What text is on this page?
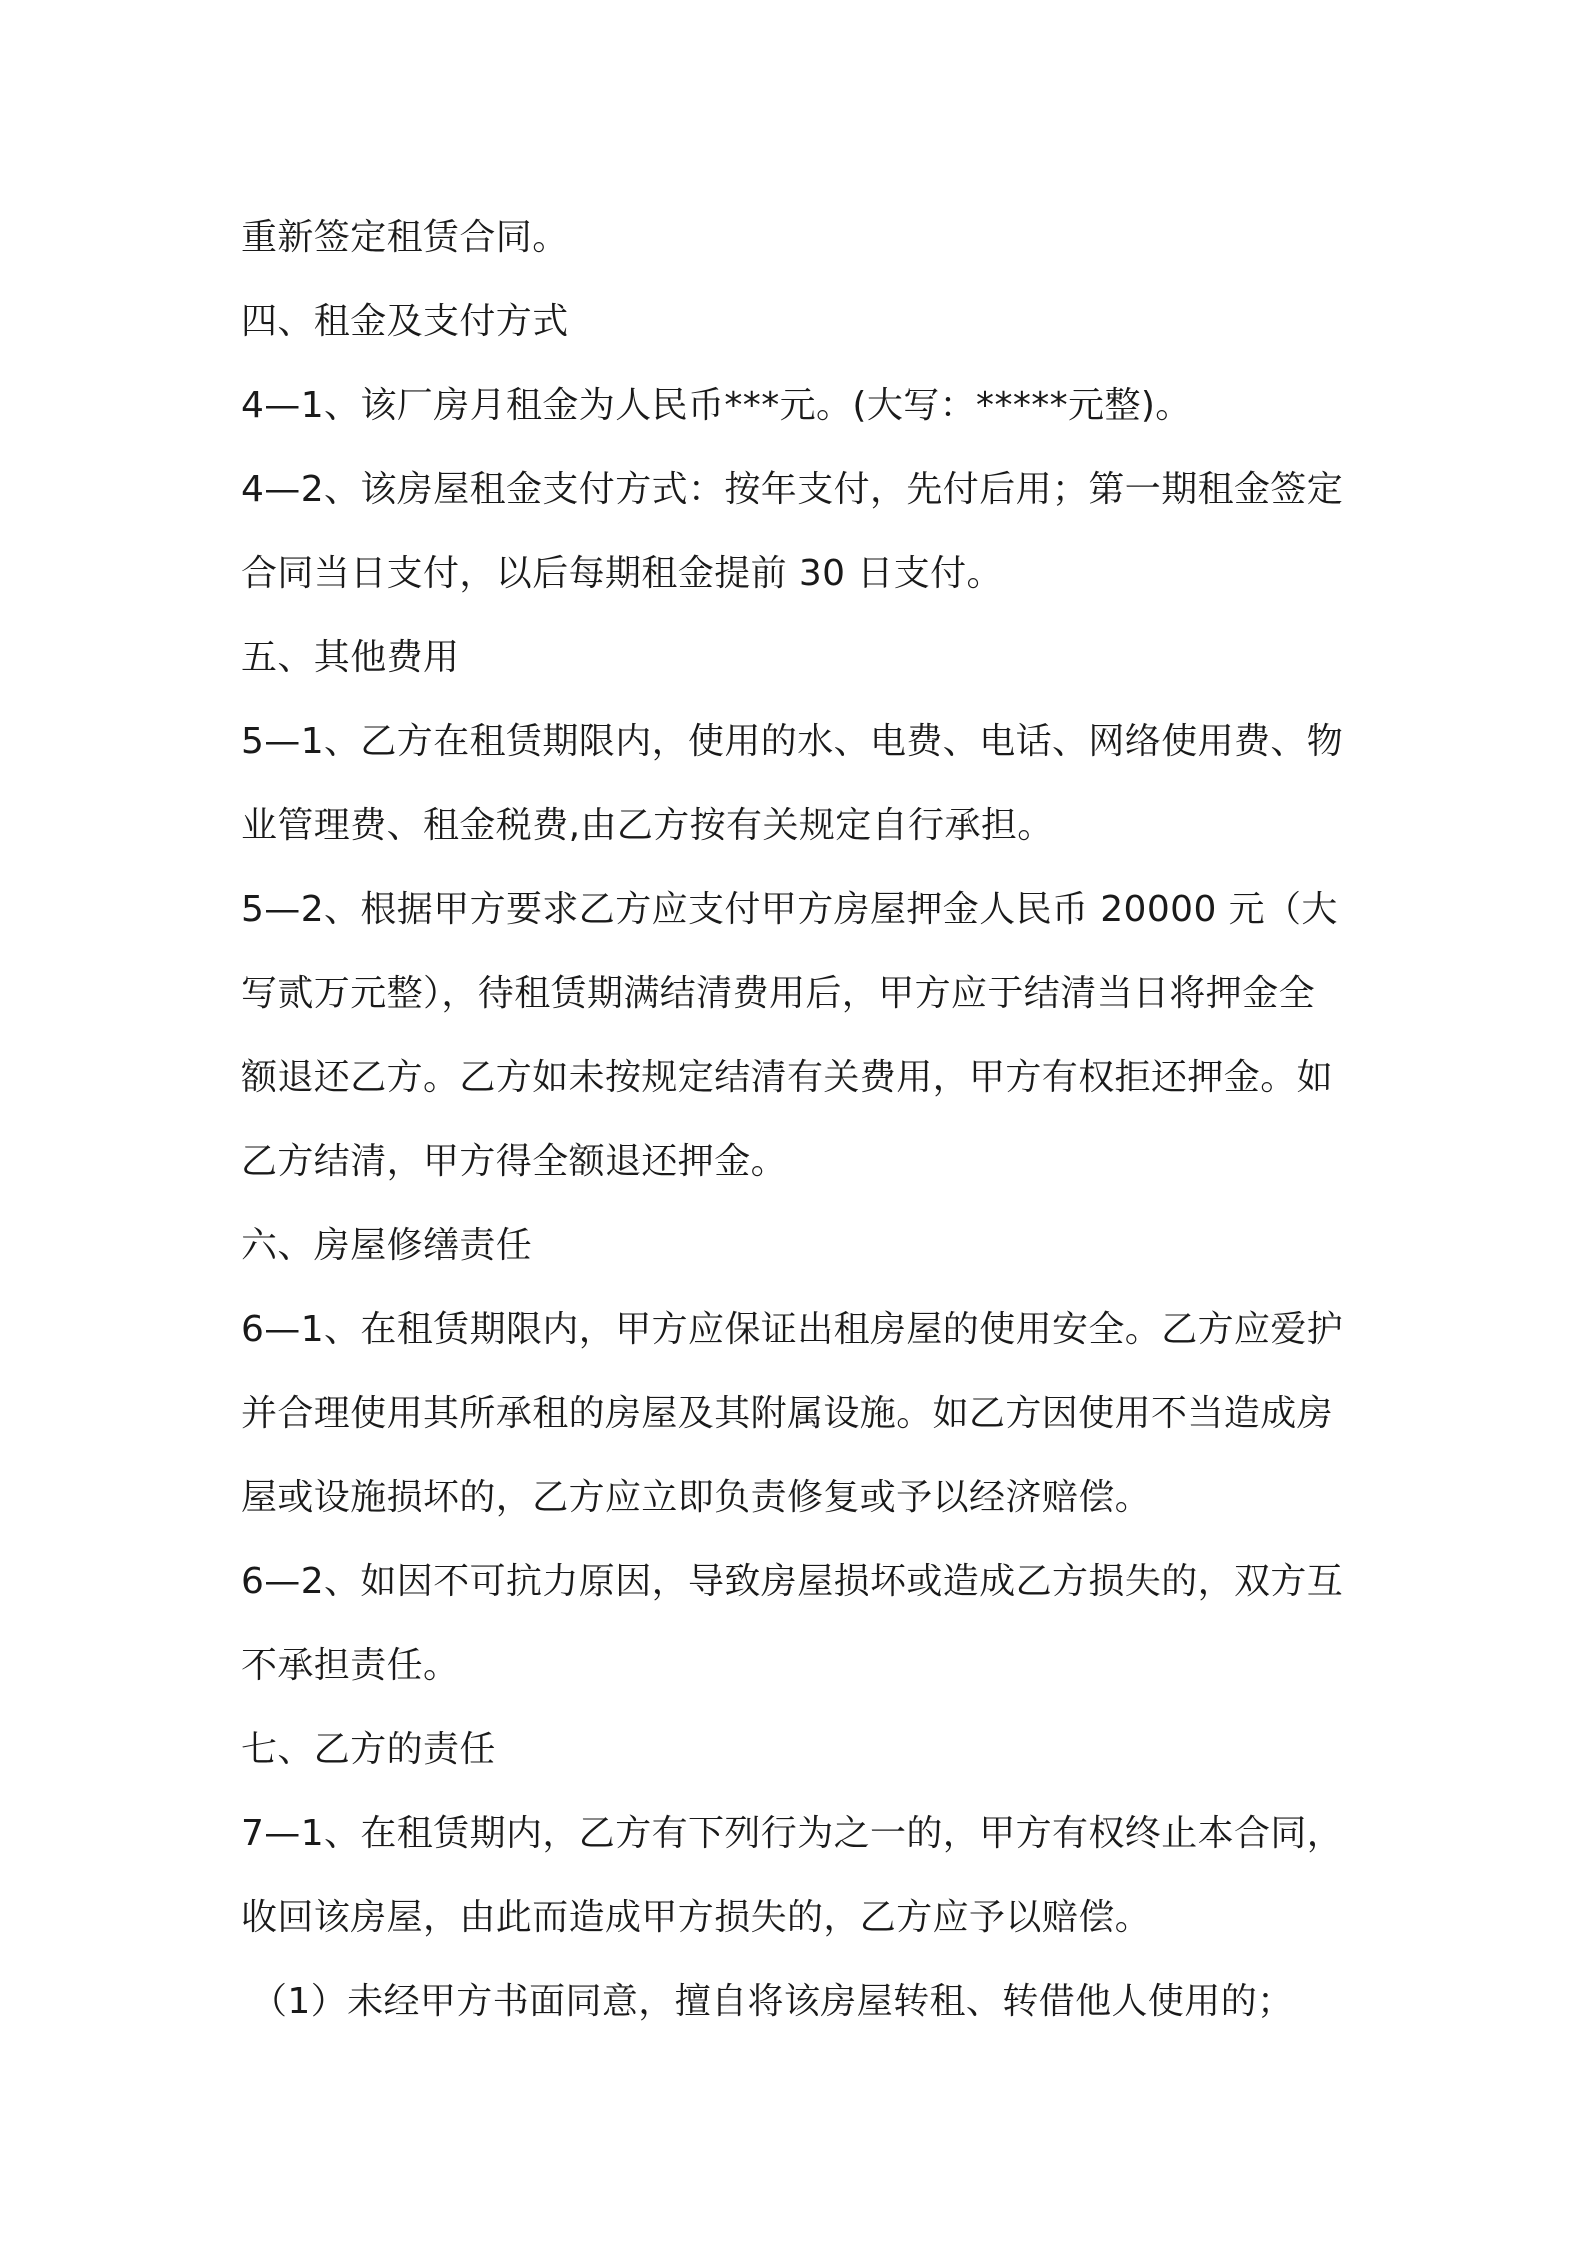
重新签定租赁合同。

四、租金及支付方式

4—1、该厂房月租金为人民币***元。(大写：*****元整)。

4—2、该房屋租金支付方式：按年支付，先付后用；第一期租金签定

合同当日支付，以后每期租金提前 30 日支付。

五、其他费用

5—1、乙方在租赁期限内，使用的水、电费、电话、网络使用费、物

业管理费、租金税费,由乙方按有关规定自行承担。

5—2、根据甲方要求乙方应支付甲方房屋押金人民币 20000 元（大

写贰万元整），待租赁期满结清费用后，甲方应于结清当日将押金全

额退还乙方。乙方如未按规定结清有关费用，甲方有权拒还押金。如

乙方结清，甲方得全额退还押金。

六、房屋修缮责任

6—1、在租赁期限内，甲方应保证出租房屋的使用安全。乙方应爱护

并合理使用其所承租的房屋及其附属设施。如乙方因使用不当造成房

屋或设施损坏的，乙方应立即负责修复或予以经济赔偿。

6—2、如因不可抗力原因，导致房屋损坏或造成乙方损失的，双方互

不承担责任。

七、乙方的责任

7—1、在租赁期内，乙方有下列行为之一的，甲方有权终止本合同，

收回该房屋，由此而造成甲方损失的，乙方应予以赔偿。

（1）未经甲方书面同意，擅自将该房屋转租、转借他人使用的；
